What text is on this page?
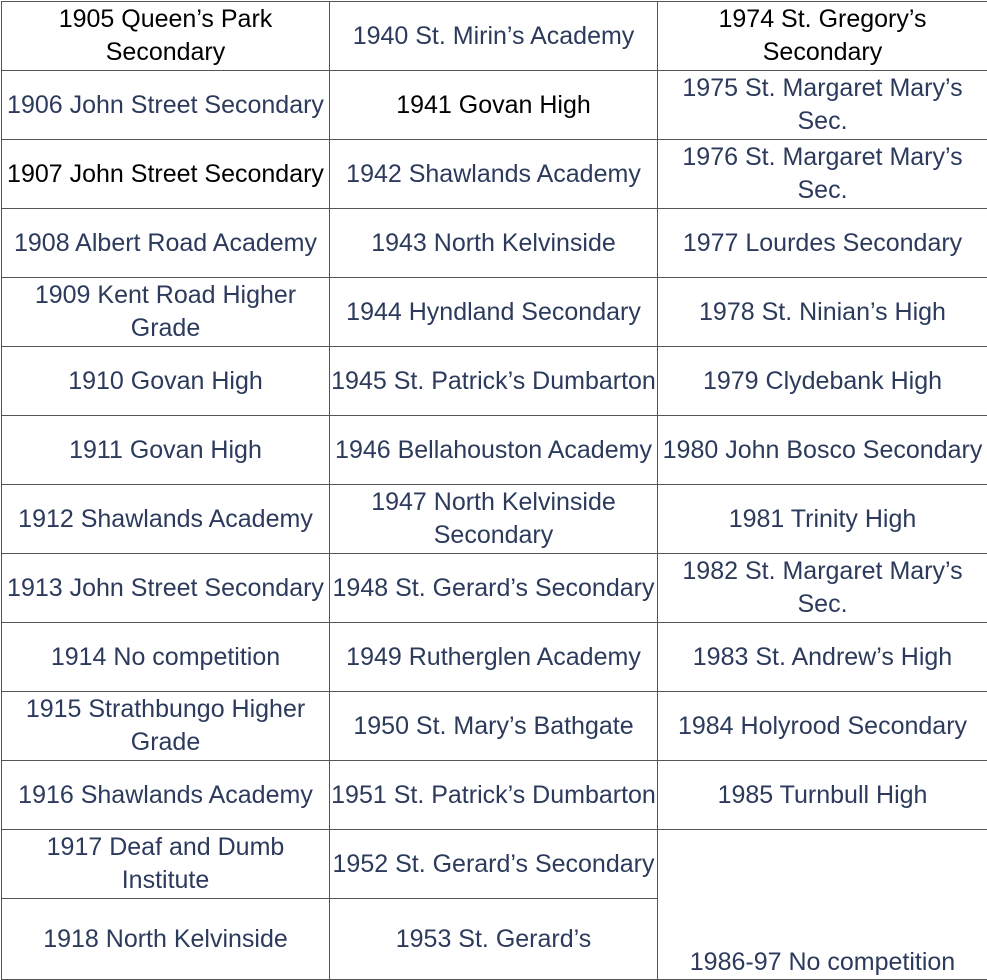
1905 Queen’s Park Secondary	1940 St. Mirin’s Academy	1974 St. Gregory’s Secondary
1906 John Street Secondary	1941 Govan High	1975 St. Margaret Mary’s Sec.
1907 John Street Secondary	1942 Shawlands Academy	1976 St. Margaret Mary’s Sec.
1908 Albert Road Academy	1943 North Kelvinside	1977 Lourdes Secondary
1909 Kent Road Higher Grade	1944 Hyndland Secondary	1978 St. Ninian’s High
1910 Govan High	1945 St. Patrick’s Dumbarton	1979 Clydebank High
1911 Govan High	1946 Bellahouston Academy	1980 John Bosco Secondary
1912 Shawlands Academy	1947 North Kelvinside Secondary	1981 Trinity High
1913 John Street Secondary	1948 St. Gerard’s Secondary	1982 St. Margaret Mary’s Sec.
1914 No competition	1949 Rutherglen Academy	1983 St. Andrew’s High
1915 Strathbungo Higher Grade	1950 St. Mary’s Bathgate	1984 Holyrood Secondary
1916 Shawlands Academy	1951 St. Patrick’s Dumbarton	1985 Turnbull High
1917 Deaf and Dumb Institute	1952 St. Gerard’s Secondary	1986-97 No competition
1918 North Kelvinside	1953 St. Gerard’s	
